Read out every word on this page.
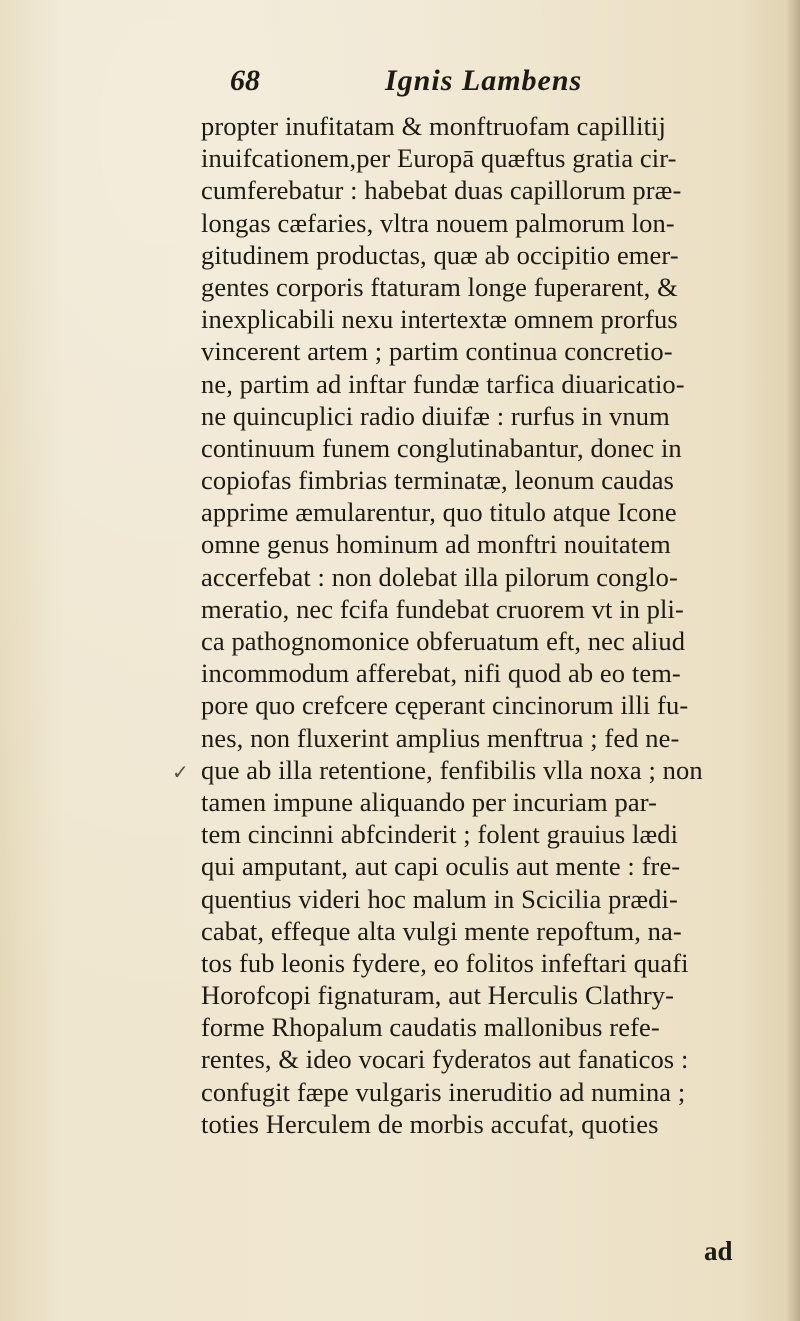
68	Ignis Lambens
propter inufitatam & monftruofam capillitij
inuifcationem,per Europā quæftus gratia cir-
cumferebatur : habebat duas capillorum præ-
longas cæfaries, vltra nouem palmorum lon-
gitudinem productas, quæ ab occipitio emer-
gentes corporis ftaturam longe fuperarent, &
inexplicabili nexu intertextæ omnem prorfus
vincerent artem ; partim continua concretio-
ne, partim ad inftar fundæ tarfica diuaricatio-
ne quincuplici radio diuifæ : rurfus in vnum
continuum funem conglutinabantur, donec in
copiofas fimbrias terminatæ, leonum caudas
apprime æmularentur, quo titulo atque Icone
omne genus hominum ad monftri nouitatem
accerfebat : non dolebat illa pilorum conglo-
meratio, nec fcifa fundebat cruorem vt in pli-
ca pathognomonice obferuatum eft, nec aliud
incommodum afferebat, nifi quod ab eo tem-
pore quo crefcere cęperant cincinorum illi fu-
nes, non fluxerint amplius menftrua ; fed ne-
que ab illa retentione, fenfibilis vlla noxa ; non
tamen impune aliquando per incuriam par-
tem cincinni abfcinderit ; folent grauius lædi
qui amputant, aut capi oculis aut mente : fre-
quentius videri hoc malum in Scicilia prædi-
cabat, effeque alta vulgi mente repoftum, na-
tos fub leonis fydere, eo folitos infeftari quafi
Horofcopi fignaturam, aut Herculis Clathry-
forme Rhopalum caudatis mallonibus refe-
rentes, & ideo vocari fyderatos aut fanaticos :
confugit fæpe vulgaris ineruditio ad numina ;
toties Herculem de morbis accufat, quoties
ad
✓
